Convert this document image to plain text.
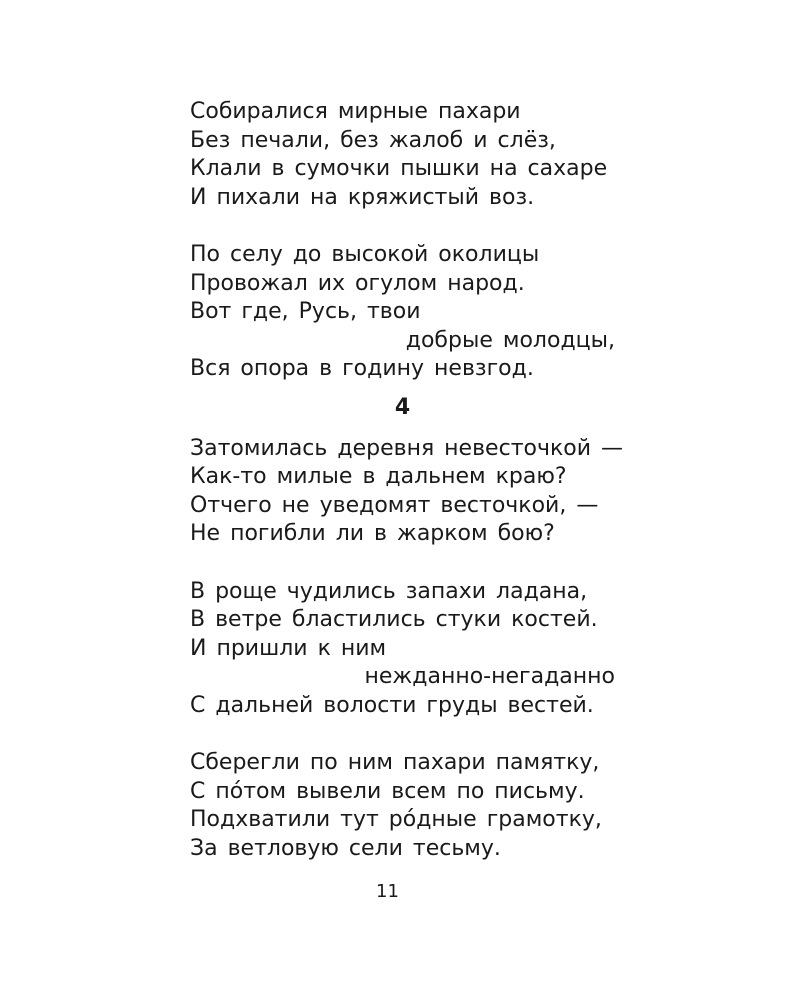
Собиралися мирные пахари
Без печали, без жалоб и слёз,
Клали в сумочки пышки на сахаре
И пихали на кряжистый воз.
По селу до высокой околицы
Провожал их огулом народ.
Вот где, Русь, твои
добрые молодцы,
Вся опора в годину невзгод.
4
Затомилась деревня невесточкой —
Как-то милые в дальнем краю?
Отчего не уведомят весточкой, —
Не погибли ли в жарком бою?
В роще чудились запахи ладана,
В ветре бластились стуки костей.
И пришли к ним
нежданно-негаданно
С дальней волости груды вестей.
Сберегли по ним пахари памятку,
С по́том вывели всем по письму.
Подхватили тут ро́дные грамотку,
За ветловую сели тесьму.
11
